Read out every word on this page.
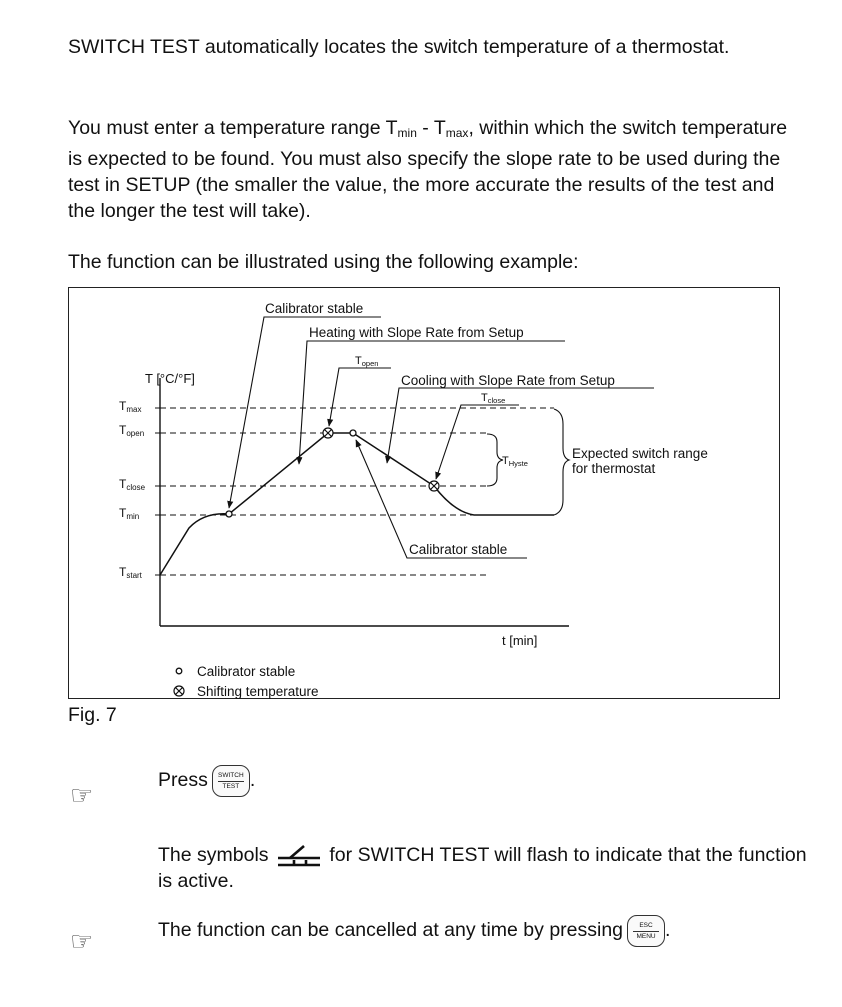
SWITCH TEST automatically locates the switch temperature of a thermostat.

You must enter a temperature range $T_{min} - T_{max}$, within which the switch temperature is expected to be found. You must also specify the slope rate to be used during the test in SETUP (the smaller the value, the more accurate the results of the test and the longer the test will take).

The function can be illustrated using the following example:

T [°C/°F]
t [min]
Tmax
Topen
Tclose
Tmin
Tstart
Calibrator stable
Heating with Slope Rate from Setup
Topen
Cooling with Slope Rate from Setup
Tclose
THyste
Expected switch range
for thermostat
Calibrator stable
Calibrator stable
Shifting temperature
Fig. 7
☞	Press SWITCH
TEST .

The symbols	for SWITCH TEST will flash to indicate that the function is active.

☞	The function can be cancelled at any time by pressing	ESC
MENU .
